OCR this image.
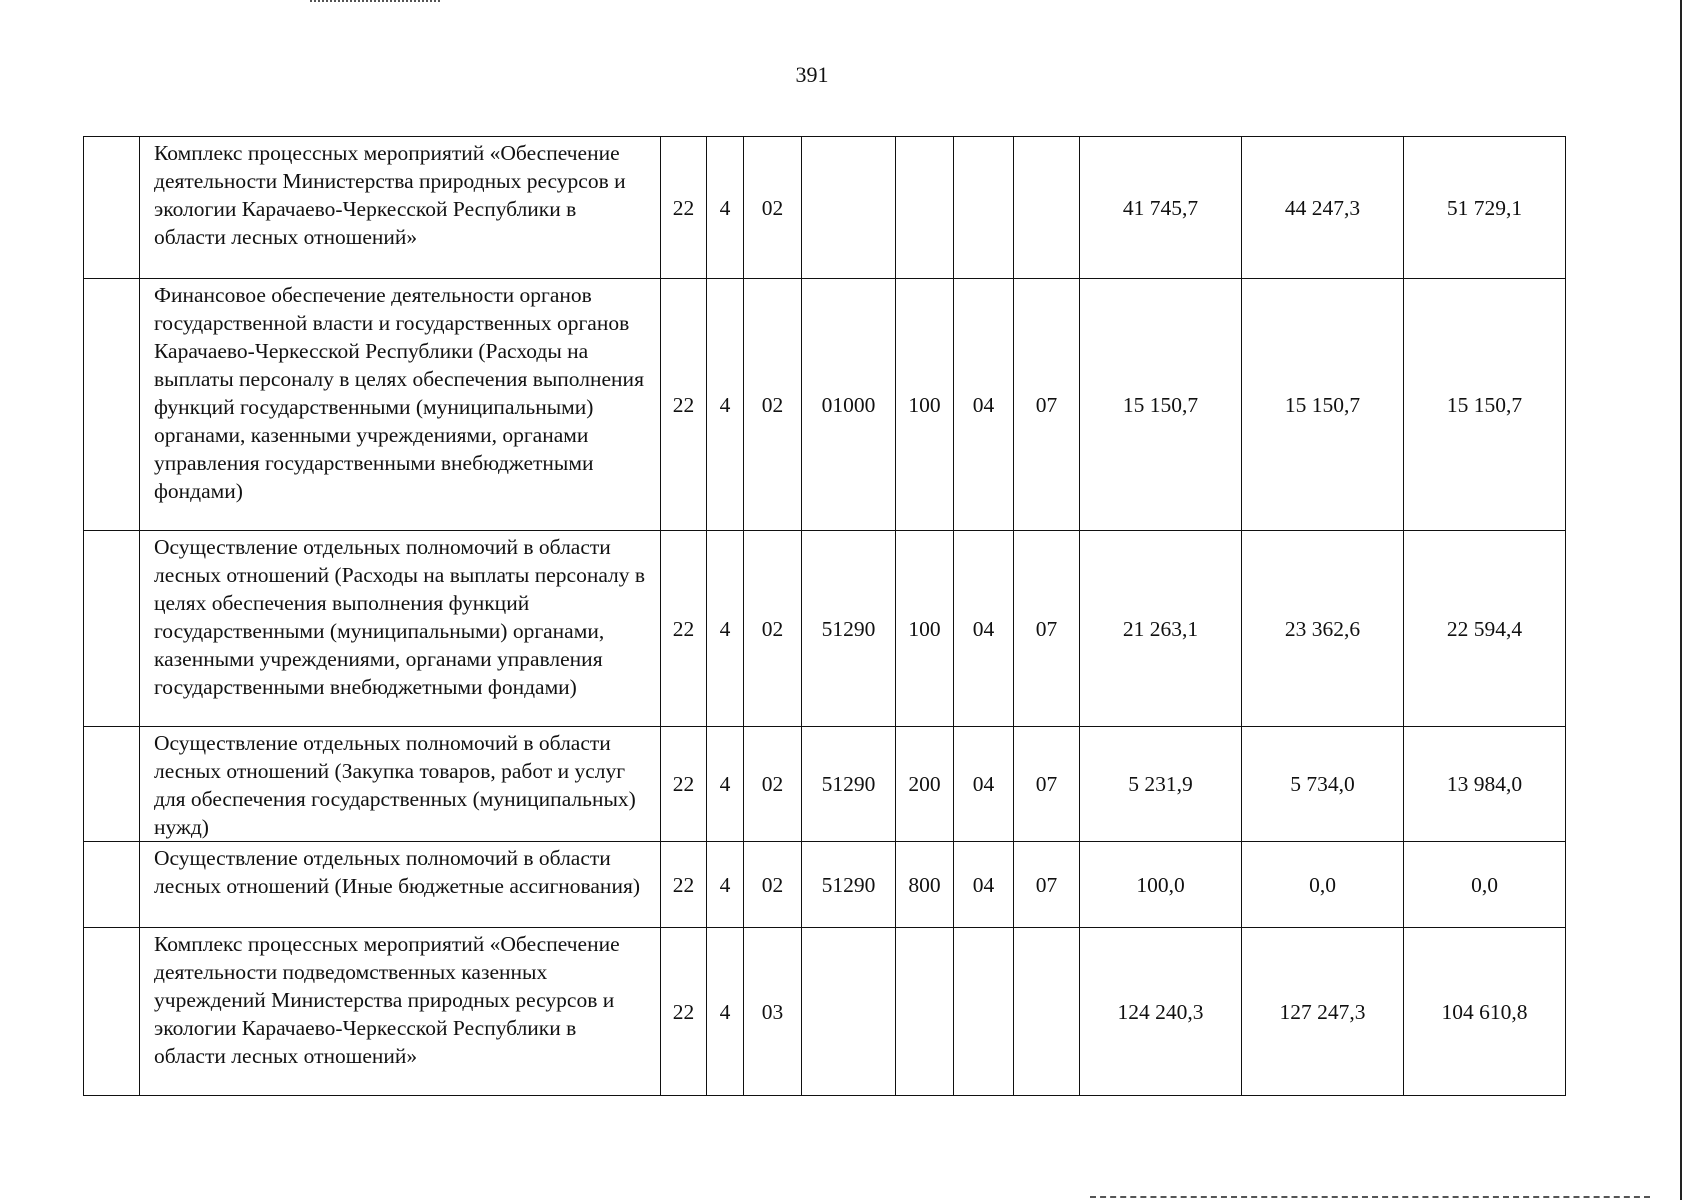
391
	Комплекс процессных мероприятий «Обеспечение деятельности Министерства природных ресурсов и экологии Карачаево-Черкесской Республики в области лесных отношений»	22	4	02					41 745,7	44 247,3	51 729,1
	Финансовое обеспечение деятельности органов государственной власти и государственных органов Карачаево-Черкесской Республики (Расходы на выплаты персоналу в целях обеспечения выполнения функций государственными (муниципальными) органами, казенными учреждениями, органами управления государственными внебюджетными фондами)	22	4	02	01000	100	04	07	15 150,7	15 150,7	15 150,7
	Осуществление отдельных полномочий в области лесных отношений (Расходы на выплаты персоналу в целях обеспечения выполнения функций государственными (муниципальными) органами, казенными учреждениями, органами управления государственными внебюджетными фондами)	22	4	02	51290	100	04	07	21 263,1	23 362,6	22 594,4
	Осуществление отдельных полномочий в области лесных отношений (Закупка товаров, работ и услуг для обеспечения государственных (муниципальных) нужд)	22	4	02	51290	200	04	07	5 231,9	5 734,0	13 984,0
	Осуществление отдельных полномочий в области лесных отношений (Иные бюджетные ассигнования)	22	4	02	51290	800	04	07	100,0	0,0	0,0
	Комплекс процессных мероприятий «Обеспечение деятельности подведомственных казенных учреждений Министерства природных ресурсов и экологии Карачаево-Черкесской Республики в области лесных отношений»	22	4	03					124 240,3	127 247,3	104 610,8
